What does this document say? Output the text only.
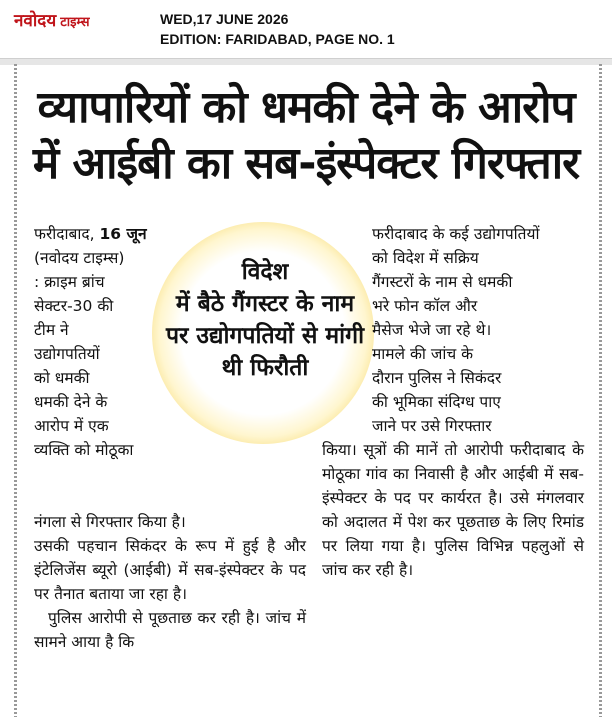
नवोदय टाइम्स	WED,17 JUNE 2026
EDITION: FARIDABAD, PAGE NO. 1
व्यापारियों को धमकी देने के आरोप
में आईबी का सब-इंस्पेक्टर गिरफ्तार

फरीदाबाद, 16 जून

(नवोदय टाइम्स)

: क्राइम ब्रांच

सेक्टर-30 की

टीम ने

उद्योगपतियों

को धमकी

धमकी देने के

आरोप में एक

व्यक्ति को मोठूका

नंगला से गिरफ्तार किया है।

उसकी पहचान सिकंदर के रूप में हुई है और इंटेलिजेंस ब्यूरो (आईबी) में सब-इंस्पेक्टर के पद पर तैनात बताया जा रहा है।

पुलिस आरोपी से पूछताछ कर रही है। जांच में सामने आया है कि

विदेश
में बैठे गैंगस्टर के नाम
पर उद्योगपतियों से मांगी
थी फिरौती

फरीदाबाद के कई उद्योगपतियों

को विदेश में सक्रिय

गैंगस्टरों के नाम से धमकी

भरे फोन कॉल और

मैसेज भेजे जा रहे थे।

मामले की जांच के

दौरान पुलिस ने सिकंदर

की भूमिका संदिग्ध पाए

जाने पर उसे गिरफ्तार

किया। सूत्रों की मानें तो आरोपी फरीदाबाद के मोठूका गांव का निवासी है और आईबी में सब-इंस्पेक्टर के पद पर कार्यरत है। उसे मंगलवार को अदालत में पेश कर पूछताछ के लिए रिमांड पर लिया गया है। पुलिस विभिन्न पहलुओं से जांच कर रही है।
